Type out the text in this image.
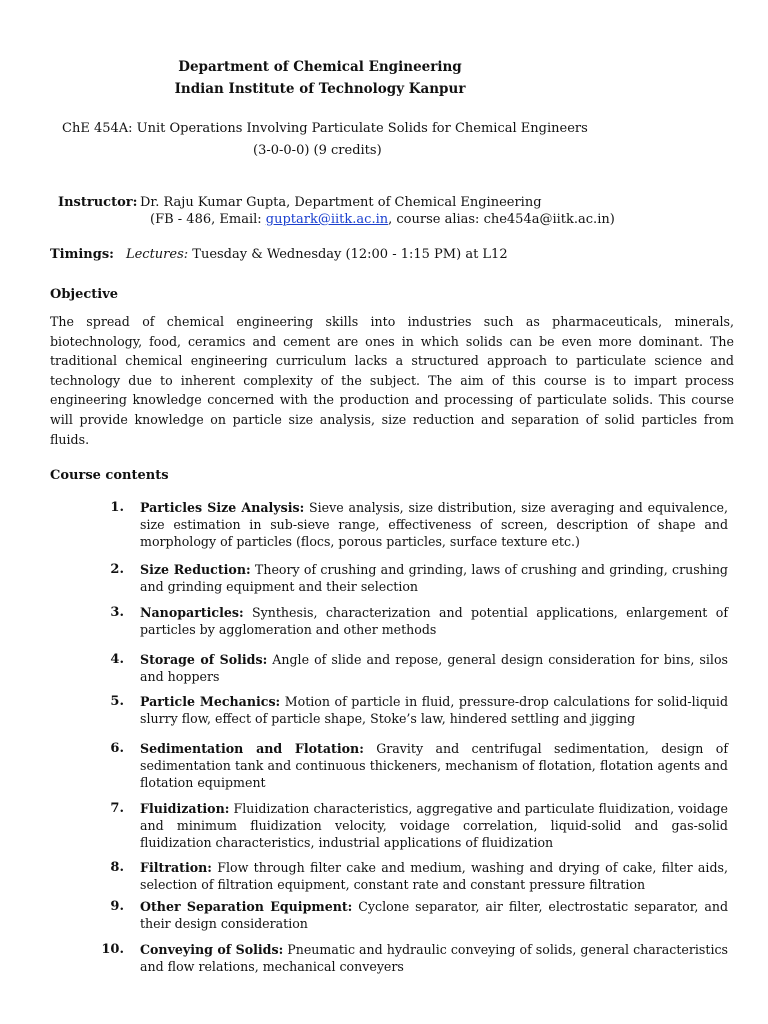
Department of Chemical Engineering
Indian Institute of Technology Kanpur
ChE 454A: Unit Operations Involving Particulate Solids for Chemical Engineers
(3-0-0-0) (9 credits)
Instructor: Dr. Raju Kumar Gupta, Department of Chemical Engineering
(FB - 486, Email: guptark@iitk.ac.in, course alias: che454a@iitk.ac.in)
Timings: Lectures: Tuesday & Wednesday (12:00 - 1:15 PM) at L12
Objective
The spread of chemical engineering skills into industries such as pharmaceuticals, minerals, biotechnology, food, ceramics and cement are ones in which solids can be even more dominant. The traditional chemical engineering curriculum lacks a structured approach to particulate science and technology due to inherent complexity of the subject. The aim of this course is to impart process engineering knowledge concerned with the production and processing of particulate solids. This course will provide knowledge on particle size analysis, size reduction and separation of solid particles from fluids.
Course contents
1. Particles Size Analysis: Sieve analysis, size distribution, size averaging and equivalence, size estimation in sub-sieve range, effectiveness of screen, description of shape and morphology of particles (flocs, porous particles, surface texture etc.)
2. Size Reduction: Theory of crushing and grinding, laws of crushing and grinding, crushing and grinding equipment and their selection
3. Nanoparticles: Synthesis, characterization and potential applications, enlargement of particles by agglomeration and other methods
4. Storage of Solids: Angle of slide and repose, general design consideration for bins, silos and hoppers
5. Particle Mechanics: Motion of particle in fluid, pressure-drop calculations for solid-liquid slurry flow, effect of particle shape, Stoke’s law, hindered settling and jigging
6. Sedimentation and Flotation: Gravity and centrifugal sedimentation, design of sedimentation tank and continuous thickeners, mechanism of flotation, flotation agents and flotation equipment
7. Fluidization: Fluidization characteristics, aggregative and particulate fluidization, voidage and minimum fluidization velocity, voidage correlation, liquid-solid and gas-solid fluidization characteristics, industrial applications of fluidization
8. Filtration: Flow through filter cake and medium, washing and drying of cake, filter aids, selection of filtration equipment, constant rate and constant pressure filtration
9. Other Separation Equipment: Cyclone separator, air filter, electrostatic separator, and their design consideration
10. Conveying of Solids: Pneumatic and hydraulic conveying of solids, general characteristics and flow relations, mechanical conveyers
